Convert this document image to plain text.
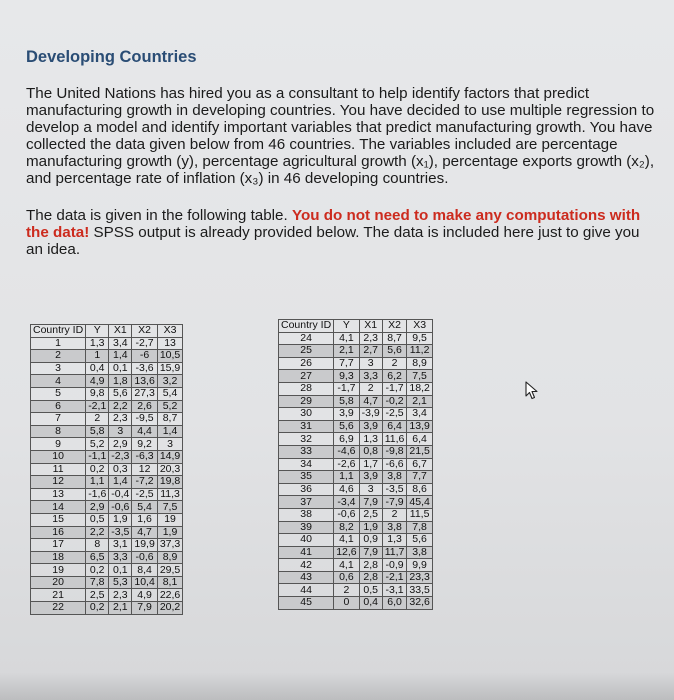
Developing Countries

The United Nations has hired you as a consultant to help identify factors that predict manufacturing growth in developing countries. You have decided to use multiple regression to develop a model and identify important variables that predict manufacturing growth. You have collected the data given below from 46 countries. The variables included are percentage manufacturing growth (y), percentage agricultural growth (x₁), percentage exports growth (x₂), and percentage rate of inflation (x₃) in 46 developing countries.

The data is given in the following table. You do not need to make any computations with the data! SPSS output is already provided below. The data is included here just to give you an idea.

Country ID	Y	X1	X2	X3
1	1,3	3,4	-2,7	13
2	1	1,4	-6	10,5
3	0,4	0,1	-3,6	15,9
4	4,9	1,8	13,6	3,2
5	9,8	5,6	27,3	5,4
6	-2,1	2,2	2,6	5,2
7	2	2,3	-9,5	8,7
8	5,8	3	4,4	1,4
9	5,2	2,9	9,2	3
10	-1,1	-2,3	-6,3	14,9
11	0,2	0,3	12	20,3
12	1,1	1,4	-7,2	19,8
13	-1,6	-0,4	-2,5	11,3
14	2,9	-0,6	5,4	7,5
15	0,5	1,9	1,6	19
16	2,2	-3,5	4,7	1,9
17	8	3,1	19,9	37,3
18	6,5	3,3	-0,6	8,9
19	0,2	0,1	8,4	29,5
20	7,8	5,3	10,4	8,1
21	2,5	2,3	4,9	22,6
22	0,2	2,1	7,9	20,2
Country ID	Y	X1	X2	X3
24	4,1	2,3	8,7	9,5
25	2,1	2,7	5,6	11,2
26	7,7	3	2	8,9
27	9,3	3,3	6,2	7,5
28	-1,7	2	-1,7	18,2
29	5,8	4,7	-0,2	2,1
30	3,9	-3,9	-2,5	3,4
31	5,6	3,9	6,4	13,9
32	6,9	1,3	11,6	6,4
33	-4,6	0,8	-9,8	21,5
34	-2,6	1,7	-6,6	6,7
35	1,1	3,9	3,8	7,7
36	4,6	3	-3,5	8,6
37	-3,4	7,9	-7,9	45,4
38	-0,6	2,5	2	11,5
39	8,2	1,9	3,8	7,8
40	4,1	0,9	1,3	5,6
41	12,6	7,9	11,7	3,8
42	4,1	2,8	-0,9	9,9
43	0,6	2,8	-2,1	23,3
44	2	0,5	-3,1	33,5
45	0	0,4	6,0	32,6
